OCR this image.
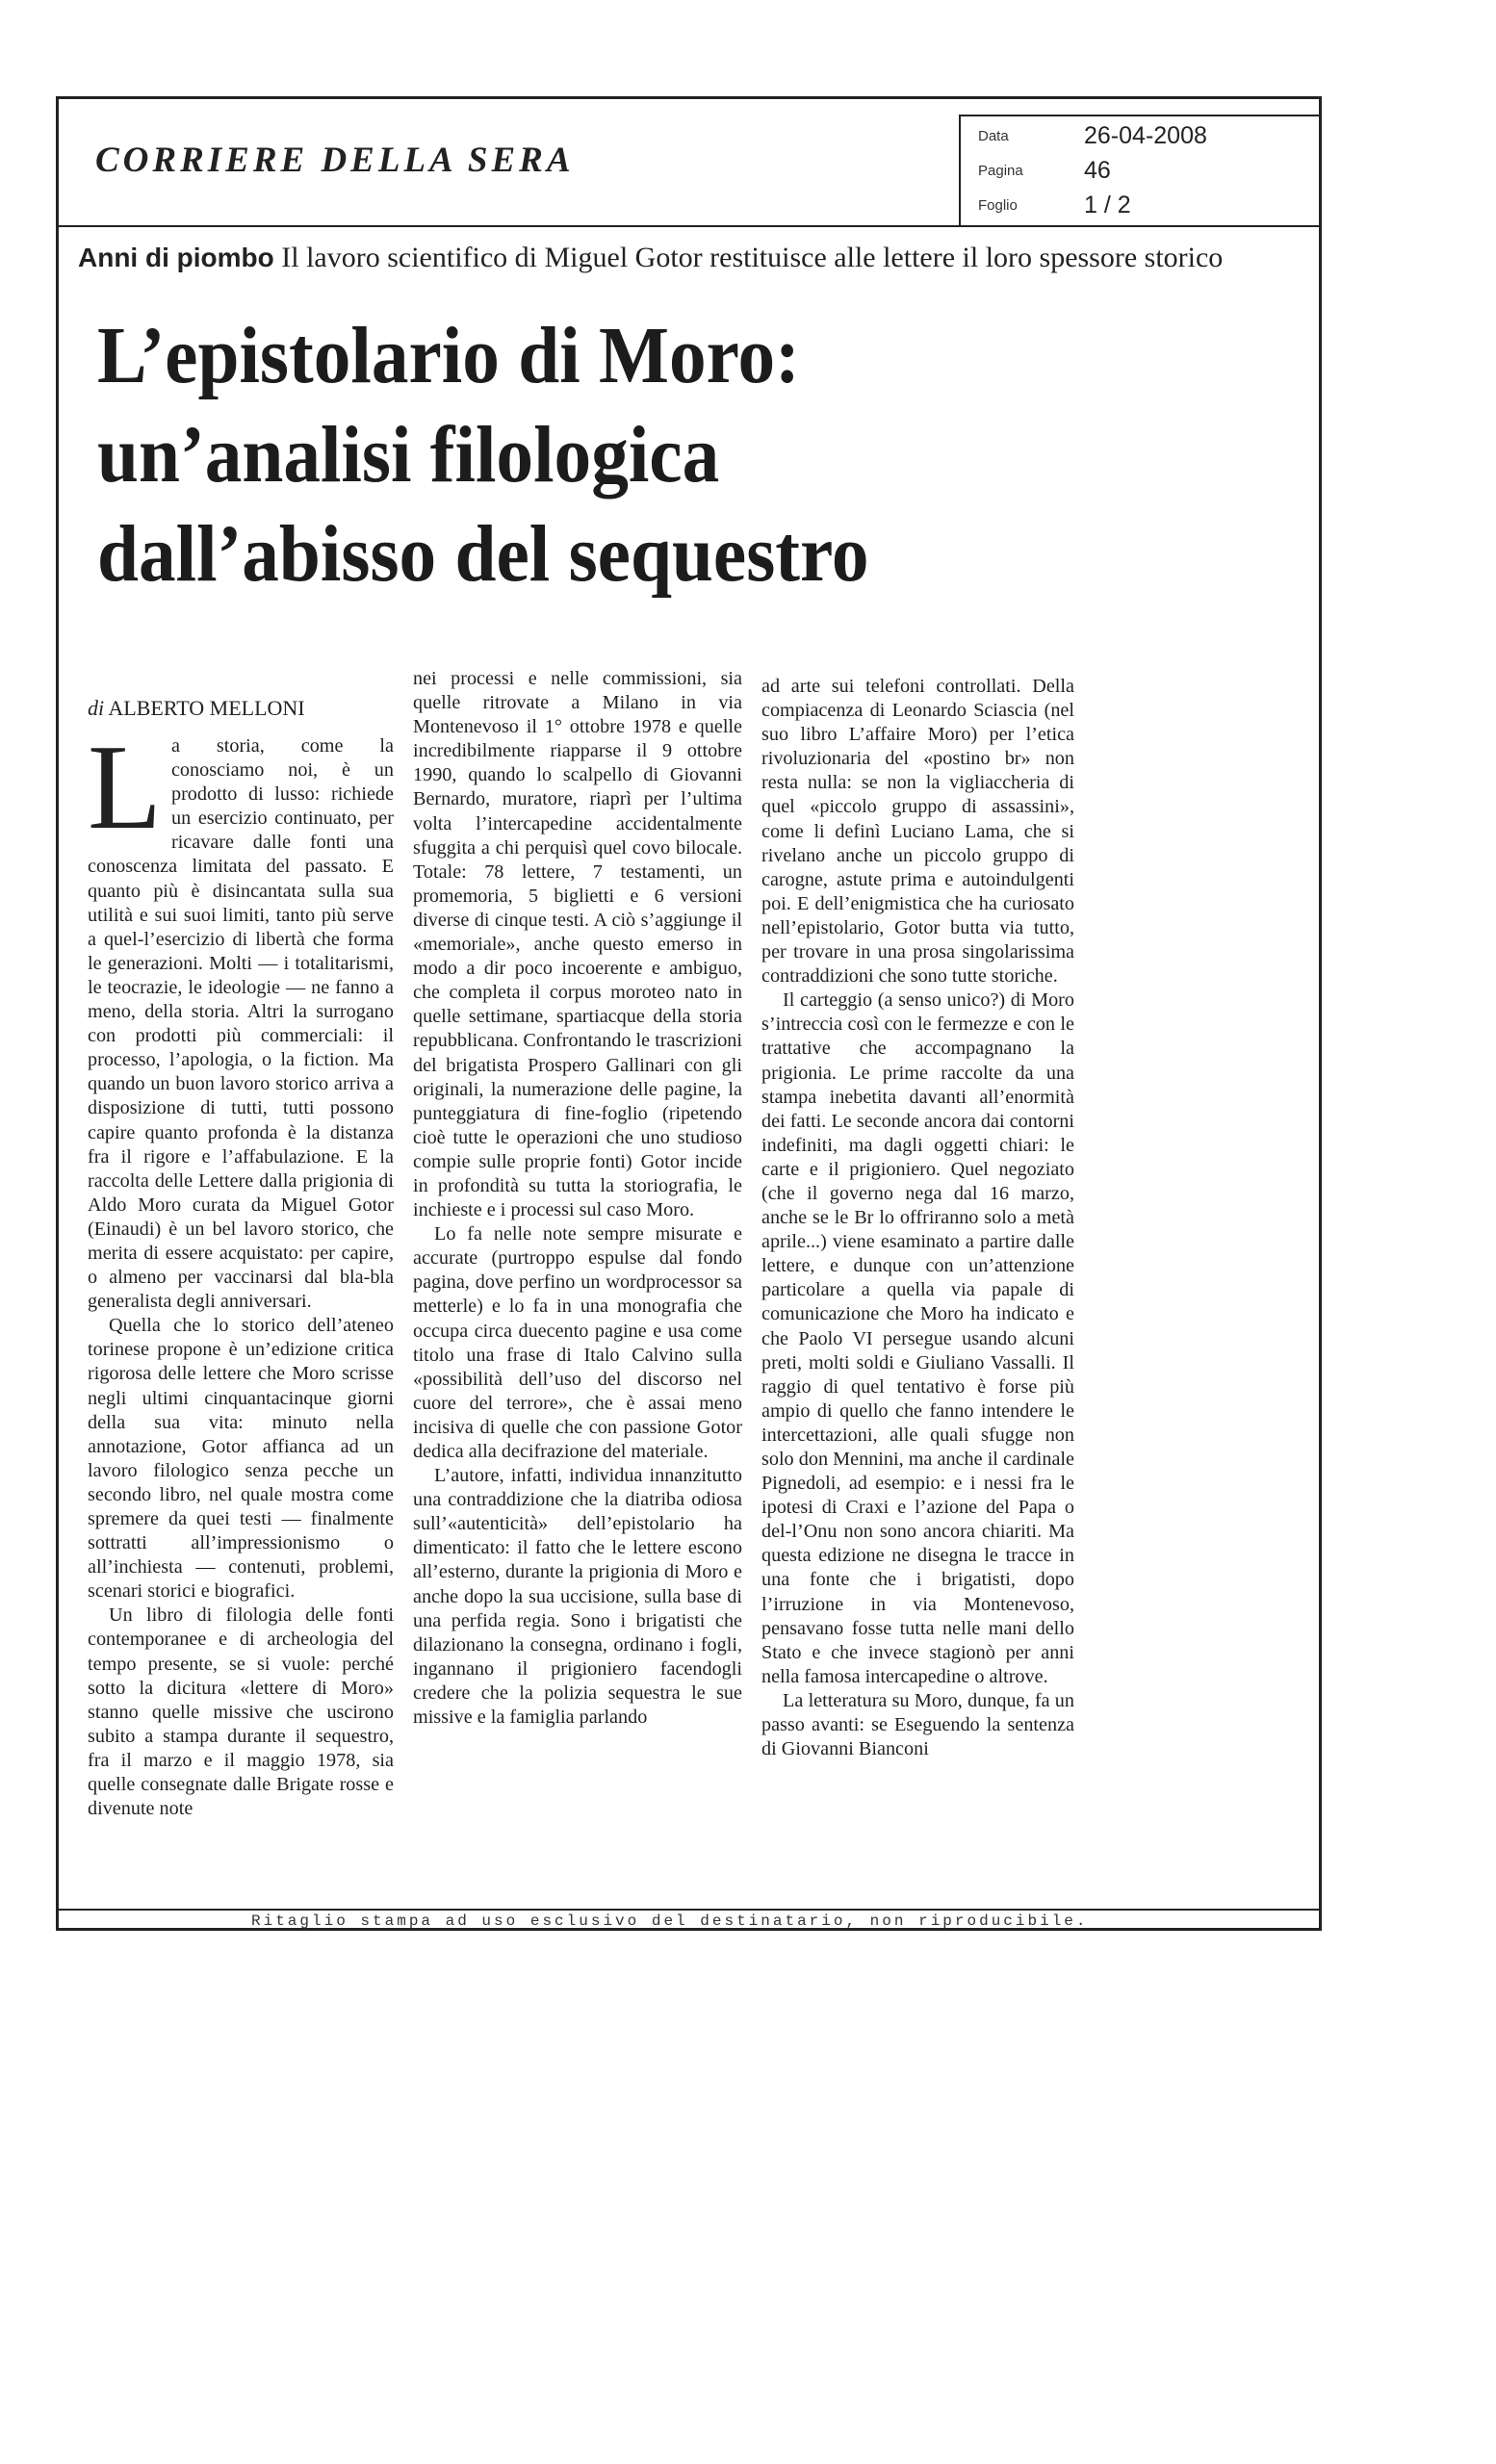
CORRIERE DELLA SERA
Data	26-04-2008
Pagina	46
Foglio	1 / 2
Anni di piombo Il lavoro scientifico di Miguel Gotor restituisce alle lettere il loro spessore storico
L’epistolario di Moro:
un’analisi filologica
dall’abisso del sequestro
di ALBERTO MELLONI

La storia, come la conosciamo noi, è un prodotto di lusso: richiede un esercizio continuato, per ricavare dalle fonti una conoscenza limitata del passato. E quanto più è disincantata sulla sua utilità e sui suoi limiti, tanto più serve a quel-l’esercizio di libertà che forma le generazioni. Molti — i totalitarismi, le teocrazie, le ideologie — ne fanno a meno, della storia. Altri la surrogano con prodotti più commerciali: il processo, l’apologia, o la fiction. Ma quando un buon lavoro storico arriva a disposizione di tutti, tutti possono capire quanto profonda è la distanza fra il rigore e l’affabulazione. E la raccolta delle Lettere dalla prigionia di Aldo Moro curata da Miguel Gotor (Einaudi) è un bel lavoro storico, che merita di essere acquistato: per capire, o almeno per vaccinarsi dal bla-bla generalista degli anniversari.

Quella che lo storico dell’ateneo torinese propone è un’edizione critica rigorosa delle lettere che Moro scrisse negli ultimi cinquantacinque giorni della sua vita: minuto nella annotazione, Gotor affianca ad un lavoro filologico senza pecche un secondo libro, nel quale mostra come spremere da quei testi — finalmente sottratti all’impressionismo o all’inchiesta — contenuti, problemi, scenari storici e biografici.

Un libro di filologia delle fonti contemporanee e di archeologia del tempo presente, se si vuole: perché sotto la dicitura «lettere di Moro» stanno quelle missive che uscirono subito a stampa durante il sequestro, fra il marzo e il maggio 1978, sia quelle consegnate dalle Brigate rosse e divenute note

nei processi e nelle commissioni, sia quelle ritrovate a Milano in via Montenevoso il 1° ottobre 1978 e quelle incredibilmente riapparse il 9 ottobre 1990, quando lo scalpello di Giovanni Bernardo, muratore, riaprì per l’ultima volta l’intercapedine accidentalmente sfuggita a chi perquisì quel covo bilocale. Totale: 78 lettere, 7 testamenti, un promemoria, 5 biglietti e 6 versioni diverse di cinque testi. A ciò s’aggiunge il «memoriale», anche questo emerso in modo a dir poco incoerente e ambiguo, che completa il corpus moroteo nato in quelle settimane, spartiacque della storia repubblicana. Confrontando le trascrizioni del brigatista Prospero Gallinari con gli originali, la numerazione delle pagine, la punteggiatura di fine-foglio (ripetendo cioè tutte le operazioni che uno studioso compie sulle proprie fonti) Gotor incide in profondità su tutta la storiografia, le inchieste e i processi sul caso Moro.

Lo fa nelle note sempre misurate e accurate (purtroppo espulse dal fondo pagina, dove perfino un wordprocessor sa metterle) e lo fa in una monografia che occupa circa duecento pagine e usa come titolo una frase di Italo Calvino sulla «possibilità dell’uso del discorso nel cuore del terrore», che è assai meno incisiva di quelle che con passione Gotor dedica alla decifrazione del materiale.

L’autore, infatti, individua innanzitutto una contraddizione che la diatriba odiosa sull’«autenticità» dell’epistolario ha dimenticato: il fatto che le lettere escono all’esterno, durante la prigionia di Moro e anche dopo la sua uccisione, sulla base di una perfida regia. Sono i brigatisti che dilazionano la consegna, ordinano i fogli, ingannano il prigioniero facendogli credere che la polizia sequestra le sue missive e la famiglia parlando

ad arte sui telefoni controllati. Della compiacenza di Leonardo Sciascia (nel suo libro L’affaire Moro) per l’etica rivoluzionaria del «postino br» non resta nulla: se non la vigliaccheria di quel «piccolo gruppo di assassini», come li definì Luciano Lama, che si rivelano anche un piccolo gruppo di carogne, astute prima e autoindulgenti poi. E dell’enigmistica che ha curiosato nell’epistolario, Gotor butta via tutto, per trovare in una prosa singolarissima contraddizioni che sono tutte storiche.

Il carteggio (a senso unico?) di Moro s’intreccia così con le fermezze e con le trattative che accompagnano la prigionia. Le prime raccolte da una stampa inebetita davanti all’enormità dei fatti. Le seconde ancora dai contorni indefiniti, ma dagli oggetti chiari: le carte e il prigioniero. Quel negoziato (che il governo nega dal 16 marzo, anche se le Br lo offriranno solo a metà aprile...) viene esaminato a partire dalle lettere, e dunque con un’attenzione particolare a quella via papale di comunicazione che Moro ha indicato e che Paolo VI persegue usando alcuni preti, molti soldi e Giuliano Vassalli. Il raggio di quel tentativo è forse più ampio di quello che fanno intendere le intercettazioni, alle quali sfugge non solo don Mennini, ma anche il cardinale Pignedoli, ad esempio: e i nessi fra le ipotesi di Craxi e l’azione del Papa o del-l’Onu non sono ancora chiariti. Ma questa edizione ne disegna le tracce in una fonte che i brigatisti, dopo l’irruzione in via Montenevoso, pensavano fosse tutta nelle mani dello Stato e che invece stagionò per anni nella famosa intercapedine o altrove.

La letteratura su Moro, dunque, fa un passo avanti: se Eseguendo la sentenza di Giovanni Bianconi

Ritaglio stampa ad uso esclusivo del destinatario, non riproducibile.
